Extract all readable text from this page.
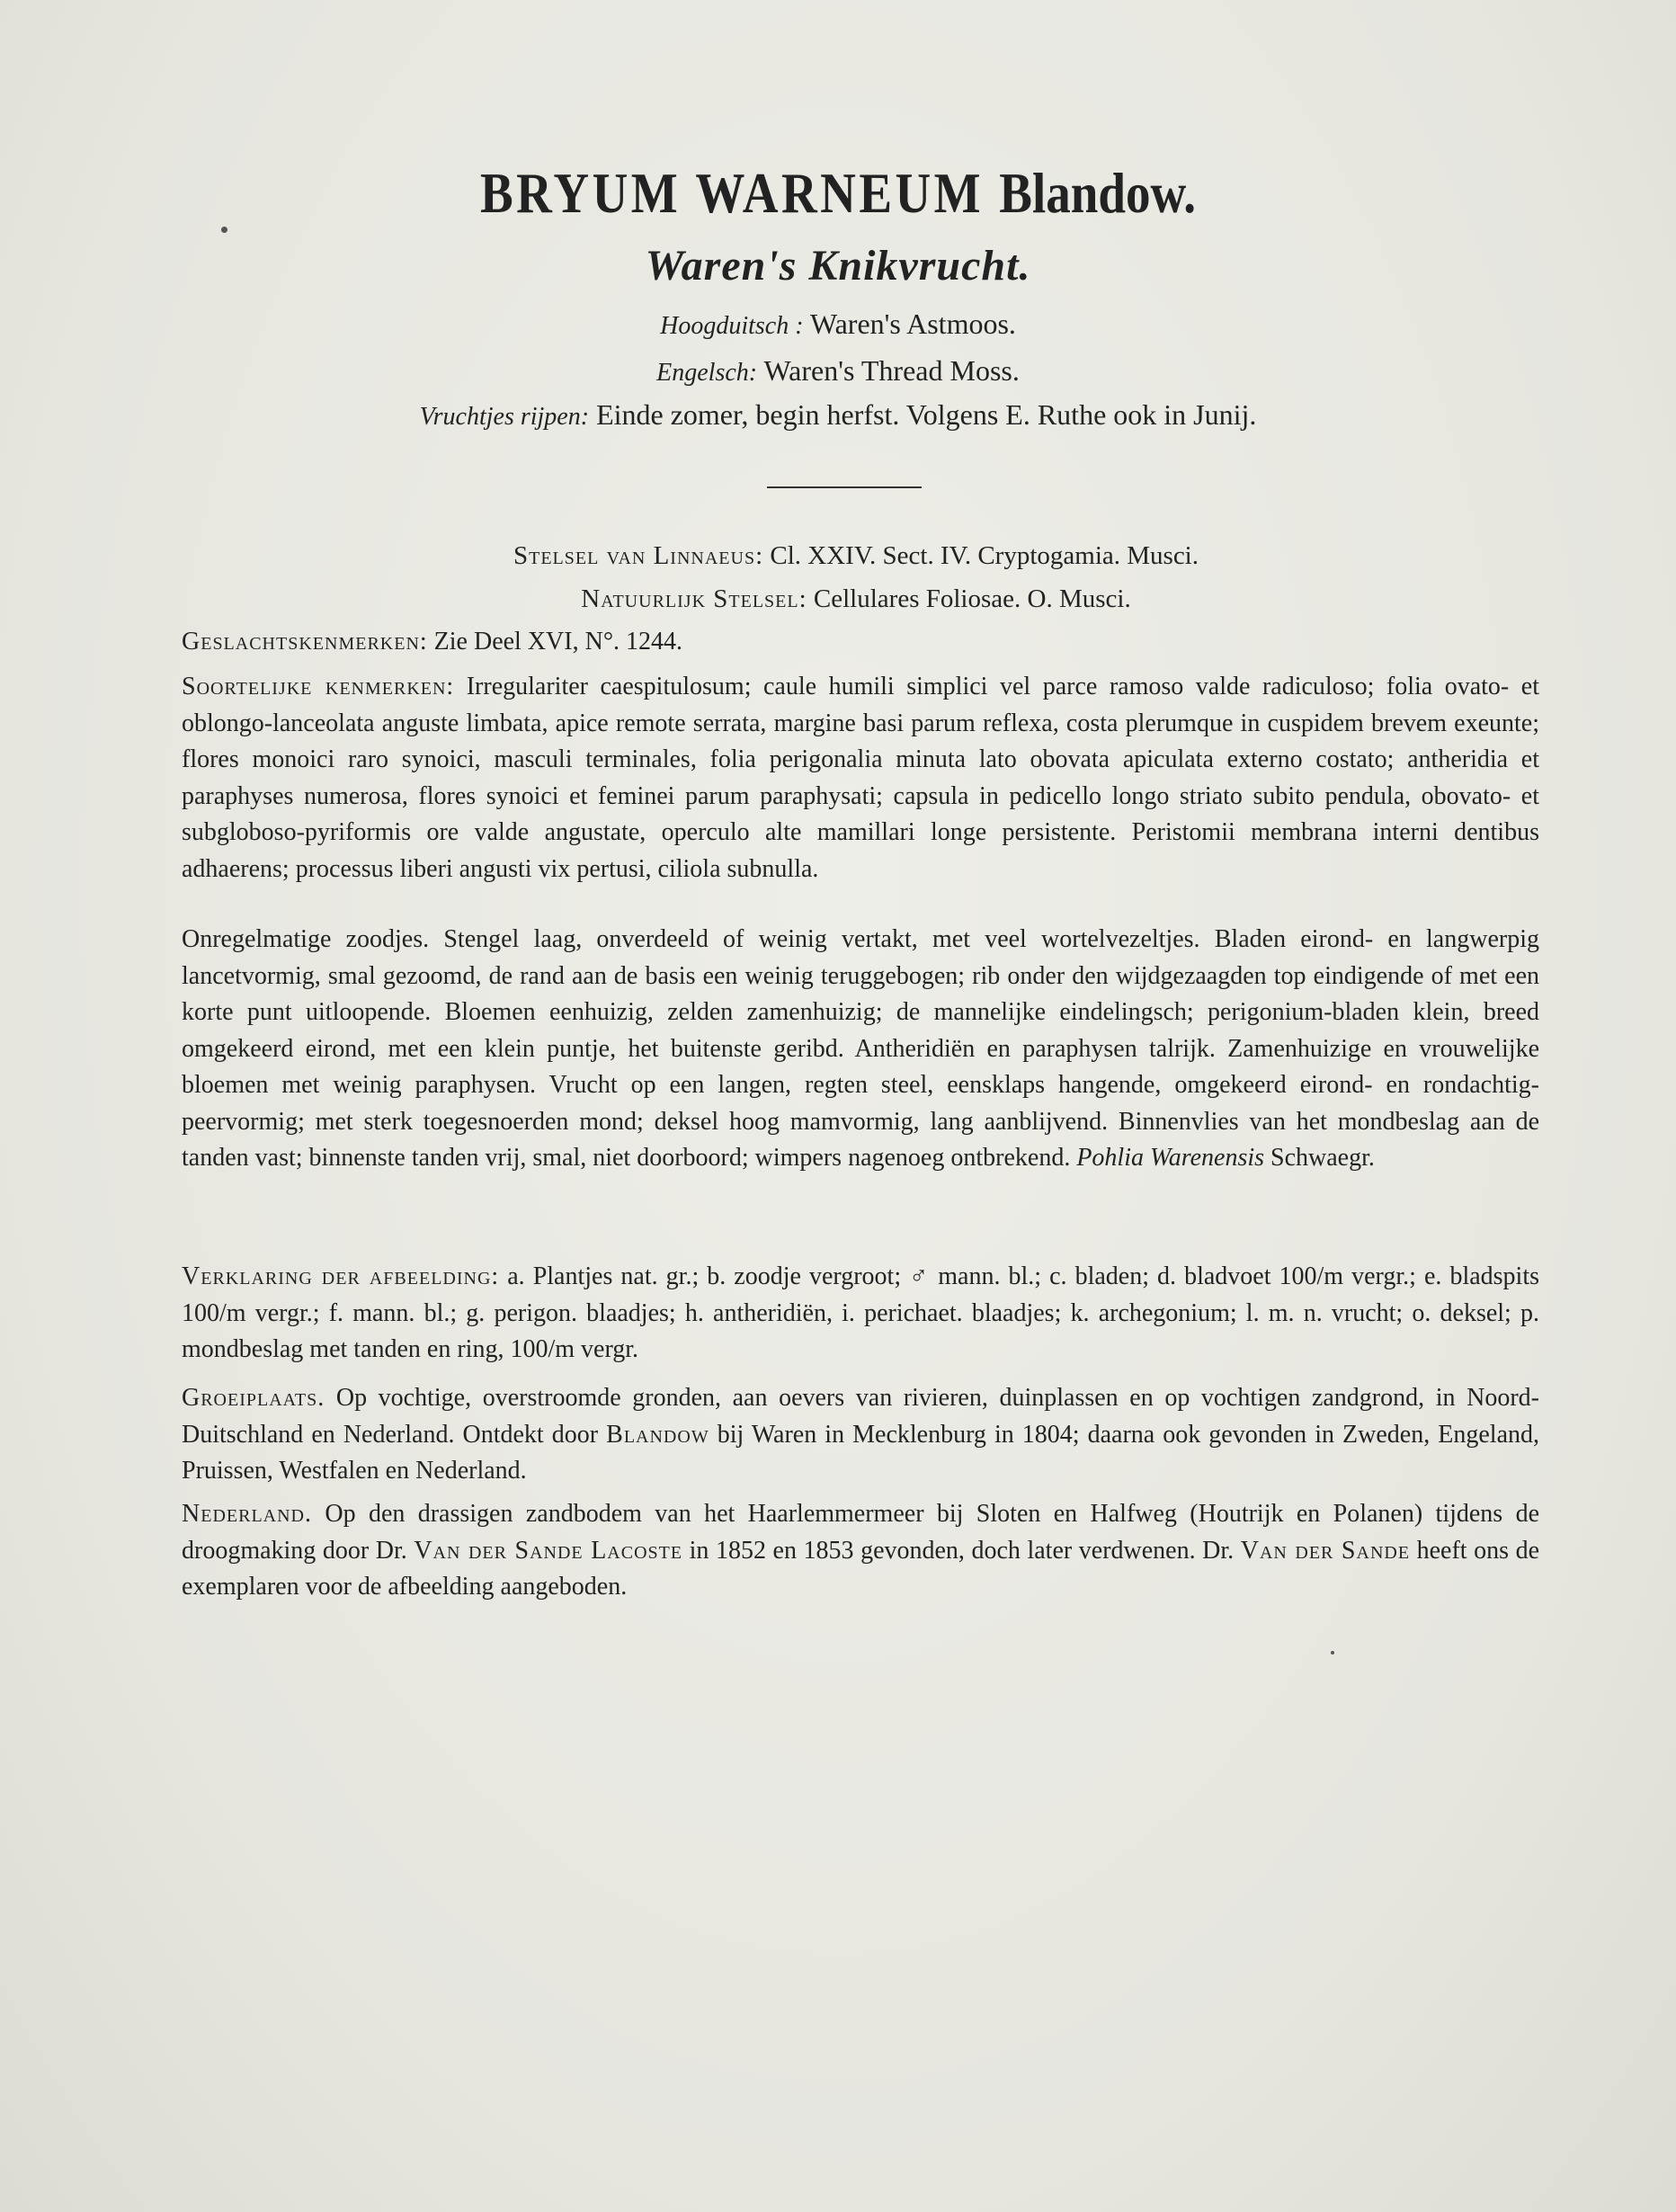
BRYUM WARNEUM Blandow.
Waren's Knikvrucht.
Hoogduitsch : Waren's Astmoos.
Engelsch: Waren's Thread Moss.
Vruchtjes rijpen: Einde zomer, begin herfst. Volgens E. Ruthe ook in Junij.
Stelsel van Linnaeus: Cl. XXIV. Sect. IV. Cryptogamia. Musci.
Natuurlijk Stelsel: Cellulares Foliosae. O. Musci.

Geslachtskenmerken: Zie Deel XVI, N°. 1244.

Soortelijke kenmerken: Irregulariter caespitulosum; caule humili simplici vel parce ramoso valde radiculoso; folia ovato- et oblongo-lanceolata anguste limbata, apice remote serrata, margine basi parum reflexa, costa plerumque in cuspidem brevem exeunte; flores monoici raro synoici, masculi terminales, folia perigonalia minuta lato obovata apiculata externo costato; antheridia et paraphyses numerosa, flores synoici et feminei parum paraphysati; capsula in pedicello longo striato subito pendula, obovato- et subgloboso-pyriformis ore valde angustate, operculo alte mamillari longe persistente. Peristomii membrana interni dentibus adhaerens; processus liberi angusti vix pertusi, ciliola subnulla.

Onregelmatige zoodjes. Stengel laag, onverdeeld of weinig vertakt, met veel wortelvezeltjes. Bladen eirond- en langwerpig lancetvormig, smal gezoomd, de rand aan de basis een weinig teruggebogen; rib onder den wijdgezaagden top eindigende of met een korte punt uitloopende. Bloemen eenhuizig, zelden zamenhuizig; de mannelijke eindelingsch; perigonium-bladen klein, breed omgekeerd eirond, met een klein puntje, het buitenste geribd. Antheridiën en paraphysen talrijk. Zamenhuizige en vrouwelijke bloemen met weinig paraphysen. Vrucht op een langen, regten steel, eensklaps hangende, omgekeerd eirond- en rondachtig-peervormig; met sterk toegesnoerden mond; deksel hoog mamvormig, lang aanblijvend. Binnenvlies van het mondbeslag aan de tanden vast; binnenste tanden vrij, smal, niet doorboord; wimpers nagenoeg ontbrekend. Pohlia Warenensis Schwaegr.

Verklaring der afbeelding: a. Plantjes nat. gr.; b. zoodje vergroot; ♂ mann. bl.; c. bladen; d. bladvoet 100/m vergr.; e. bladspits 100/m vergr.; f. mann. bl.; g. perigon. blaadjes; h. antheridiën, i. perichaet. blaadjes; k. archegonium; l. m. n. vrucht; o. deksel; p. mondbeslag met tanden en ring, 100/m vergr.

Groeiplaats. Op vochtige, overstroomde gronden, aan oevers van rivieren, duinplassen en op vochtigen zandgrond, in Noord-Duitschland en Nederland. Ontdekt door Blandow bij Waren in Mecklenburg in 1804; daarna ook gevonden in Zweden, Engeland, Pruissen, Westfalen en Nederland.

Nederland. Op den drassigen zandbodem van het Haarlemmermeer bij Sloten en Halfweg (Houtrijk en Polanen) tijdens de droogmaking door Dr. Van der Sande Lacoste in 1852 en 1853 gevonden, doch later verdwenen. Dr. Van der Sande heeft ons de exemplaren voor de afbeelding aangeboden.
